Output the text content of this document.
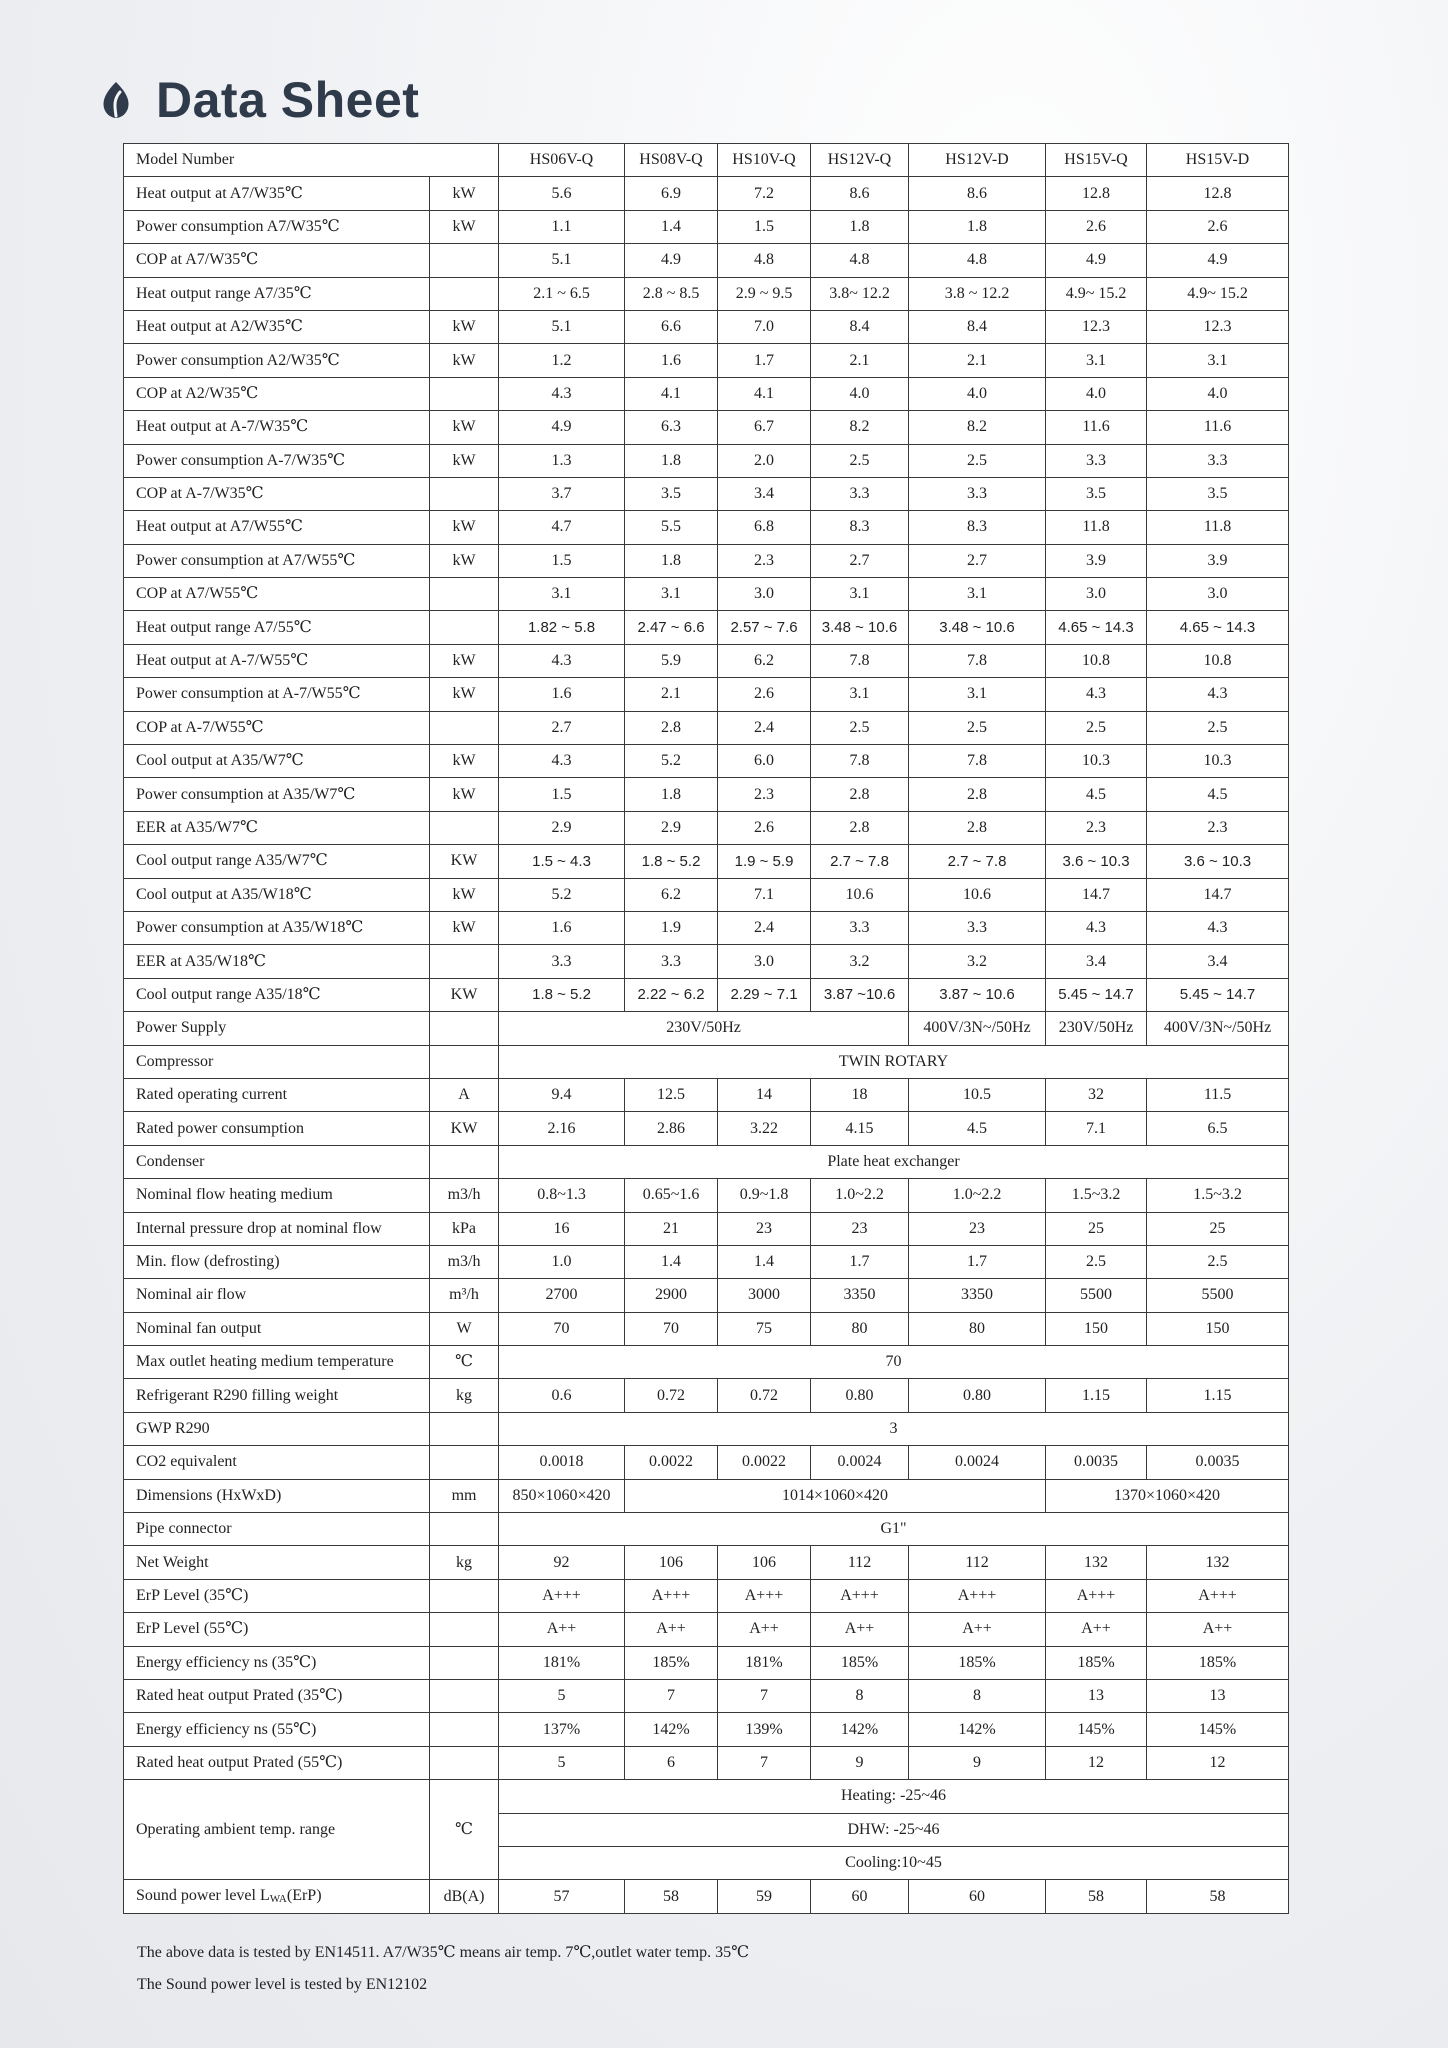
Data Sheet
Model Number		HS06V-Q	HS08V-Q	HS10V-Q	HS12V-Q	HS12V-D	HS15V-Q	HS15V-D
Heat output at A7/W35℃	kW	5.6	6.9	7.2	8.6	8.6	12.8	12.8
Power consumption A7/W35℃	kW	1.1	1.4	1.5	1.8	1.8	2.6	2.6
COP at A7/W35℃		5.1	4.9	4.8	4.8	4.8	4.9	4.9
Heat output range A7/35℃		2.1 ~ 6.5	2.8 ~ 8.5	2.9 ~ 9.5	3.8~ 12.2	3.8 ~ 12.2	4.9~ 15.2	4.9~ 15.2
Heat output at A2/W35℃	kW	5.1	6.6	7.0	8.4	8.4	12.3	12.3
Power consumption A2/W35℃	kW	1.2	1.6	1.7	2.1	2.1	3.1	3.1
COP at A2/W35℃		4.3	4.1	4.1	4.0	4.0	4.0	4.0
Heat output at A-7/W35℃	kW	4.9	6.3	6.7	8.2	8.2	11.6	11.6
Power consumption A-7/W35℃	kW	1.3	1.8	2.0	2.5	2.5	3.3	3.3
COP at A-7/W35℃		3.7	3.5	3.4	3.3	3.3	3.5	3.5
Heat output at A7/W55℃	kW	4.7	5.5	6.8	8.3	8.3	11.8	11.8
Power consumption at A7/W55℃	kW	1.5	1.8	2.3	2.7	2.7	3.9	3.9
COP at A7/W55℃		3.1	3.1	3.0	3.1	3.1	3.0	3.0
Heat output range A7/55℃		1.82 ~ 5.8	2.47 ~ 6.6	2.57 ~ 7.6	3.48 ~ 10.6	3.48 ~ 10.6	4.65 ~ 14.3	4.65 ~ 14.3
Heat output at A-7/W55℃	kW	4.3	5.9	6.2	7.8	7.8	10.8	10.8
Power consumption at A-7/W55℃	kW	1.6	2.1	2.6	3.1	3.1	4.3	4.3
COP at A-7/W55℃		2.7	2.8	2.4	2.5	2.5	2.5	2.5
Cool output at A35/W7℃	kW	4.3	5.2	6.0	7.8	7.8	10.3	10.3
Power consumption at A35/W7℃	kW	1.5	1.8	2.3	2.8	2.8	4.5	4.5
EER at A35/W7℃		2.9	2.9	2.6	2.8	2.8	2.3	2.3
Cool output range A35/W7℃	KW	1.5 ~ 4.3	1.8 ~ 5.2	1.9 ~ 5.9	2.7 ~ 7.8	2.7 ~ 7.8	3.6 ~ 10.3	3.6 ~ 10.3
Cool output at A35/W18℃	kW	5.2	6.2	7.1	10.6	10.6	14.7	14.7
Power consumption at A35/W18℃	kW	1.6	1.9	2.4	3.3	3.3	4.3	4.3
EER at A35/W18℃		3.3	3.3	3.0	3.2	3.2	3.4	3.4
Cool output range A35/18℃	KW	1.8 ~ 5.2	2.22 ~ 6.2	2.29 ~ 7.1	3.87 ~10.6	3.87 ~ 10.6	5.45 ~ 14.7	5.45 ~ 14.7
Power Supply		230V/50Hz				400V/3N~/50Hz	230V/50Hz	400V/3N~/50Hz
Compressor		TWIN ROTARY						
Rated operating current	A	9.4	12.5	14	18	10.5	32	11.5
Rated power consumption	KW	2.16	2.86	3.22	4.15	4.5	7.1	6.5
Condenser		Plate heat exchanger						
Nominal flow heating medium	m3/h	0.8~1.3	0.65~1.6	0.9~1.8	1.0~2.2	1.0~2.2	1.5~3.2	1.5~3.2
Internal pressure drop at nominal flow	kPa	16	21	23	23	23	25	25
Min. flow (defrosting)	m3/h	1.0	1.4	1.4	1.7	1.7	2.5	2.5
Nominal air flow	m³/h	2700	2900	3000	3350	3350	5500	5500
Nominal fan output	W	70	70	75	80	80	150	150
Max outlet heating medium temperature	℃	70						
Refrigerant R290 filling weight	kg	0.6	0.72	0.72	0.80	0.80	1.15	1.15
GWP R290		3						
CO2 equivalent		0.0018	0.0022	0.0022	0.0024	0.0024	0.0035	0.0035
Dimensions (HxWxD)	mm	850×1060×420	1014×1060×420				1370×1060×420	
Pipe connector		G1"						
Net Weight	kg	92	106	106	112	112	132	132
ErP Level (35℃)		A+++	A+++	A+++	A+++	A+++	A+++	A+++
ErP Level (55℃)		A++	A++	A++	A++	A++	A++	A++
Energy efficiency ns (35℃)		181%	185%	181%	185%	185%	185%	185%
Rated heat output Prated (35℃)		5	7	7	8	8	13	13
Energy efficiency ns (55℃)		137%	142%	139%	142%	142%	145%	145%
Rated heat output Prated (55℃)		5	6	7	9	9	12	12
Operating ambient temp. range	℃	Heating: -25~46						
		DHW: -25~46						
		Cooling:10~45						
Sound power level $L_{WA}(ErP)$	dB(A)	57	58	59	60	60	58	58
The above data is tested by EN14511. A7/W35℃ means air temp. 7℃,outlet water temp. 35℃
The Sound power level is tested by EN12102
